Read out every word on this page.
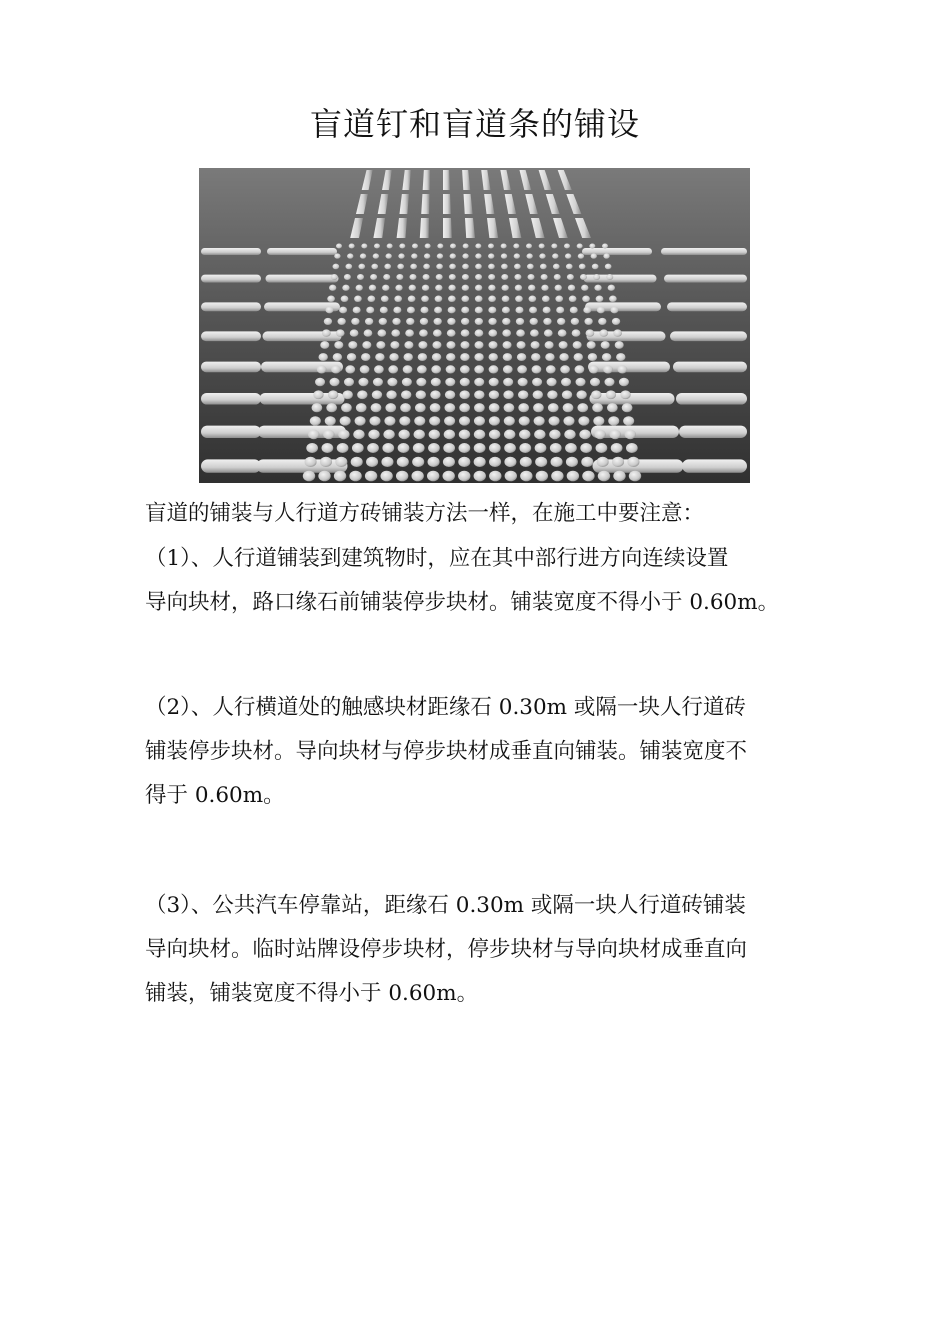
盲道钉和盲道条的铺设

盲道的铺装与人行道方砖铺装方法一样，在施工中要注意：

（1）、人行道铺装到建筑物时，应在其中部行进方向连续设置
导向块材，路口缘石前铺装停步块材。铺装宽度不得小于 0.60m。
（2）、人行横道处的触感块材距缘石 0.30m 或隔一块人行道砖
铺装停步块材。导向块材与停步块材成垂直向铺装。铺装宽度不
得于 0.60m。
（3）、公共汽车停靠站，距缘石 0.30m 或隔一块人行道砖铺装
导向块材。临时站牌设停步块材，停步块材与导向块材成垂直向
铺装，铺装宽度不得小于 0.60m。
